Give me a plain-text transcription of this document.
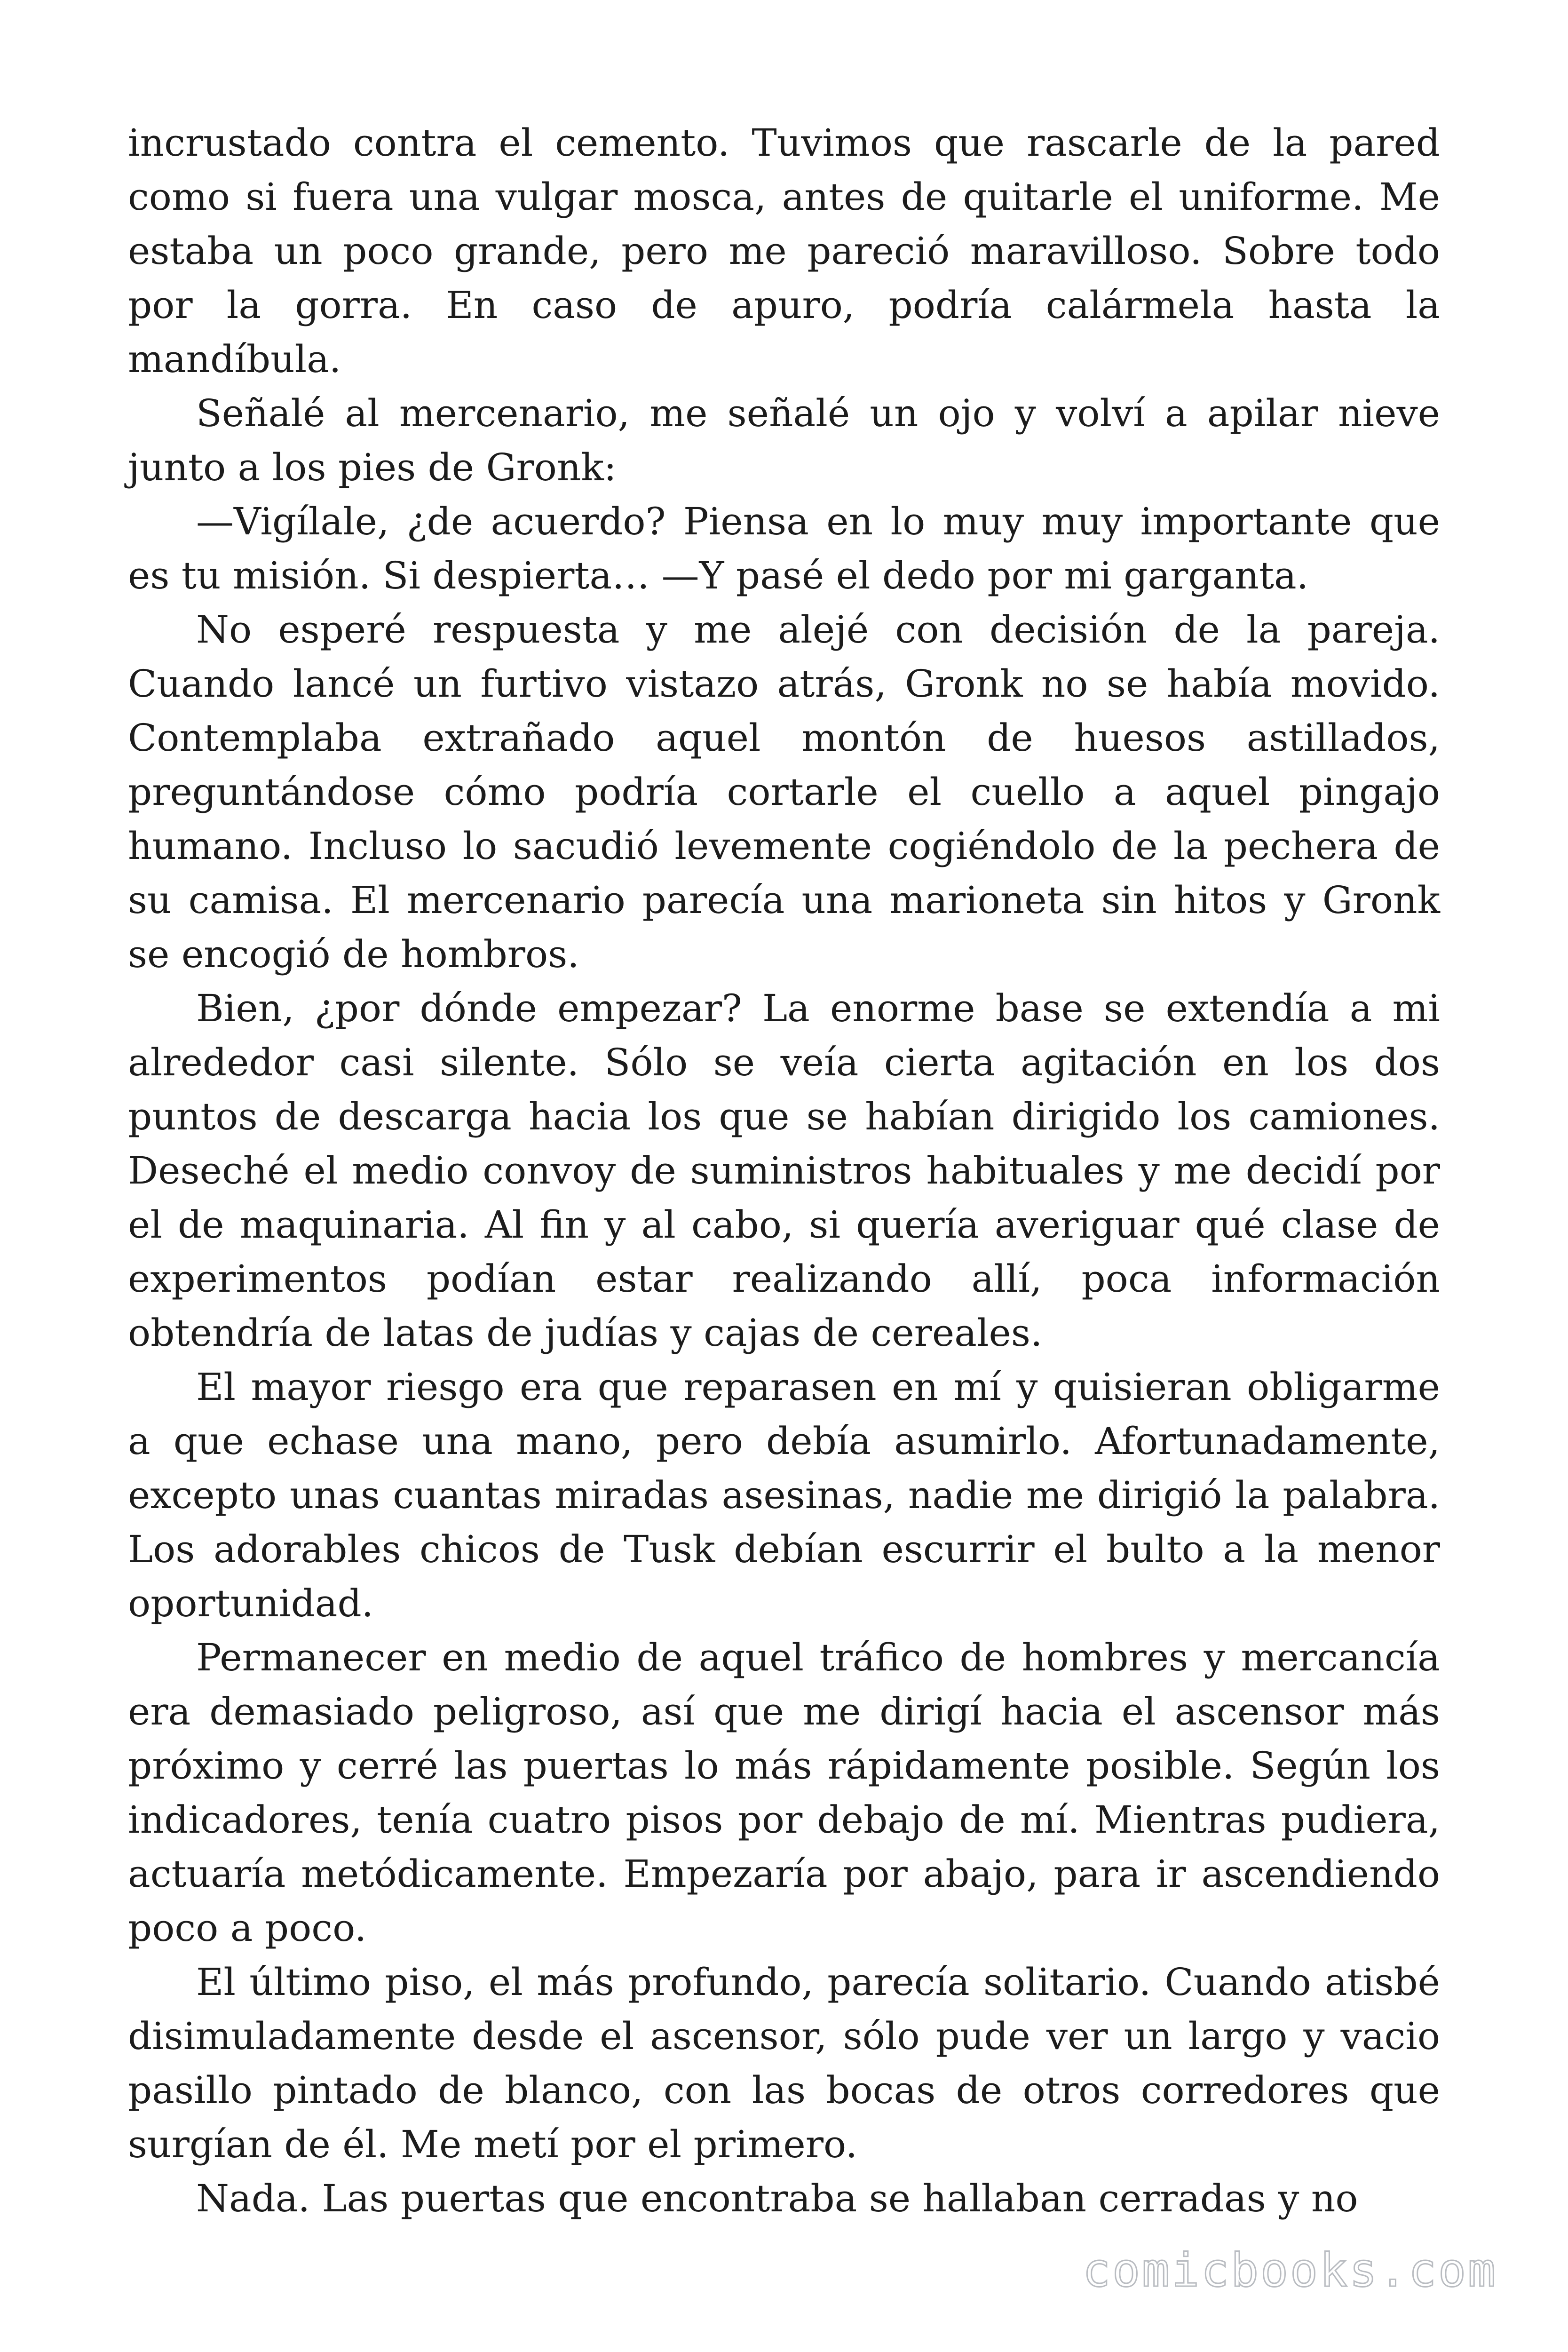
incrustado contra el cemento. Tuvimos que rascarle de la pared como si fuera una vulgar mosca, antes de quitarle el uniforme. Me estaba un poco grande, pero me pareció maravilloso. Sobre todo por la gorra. En caso de apuro, podría calármela hasta la mandíbula.

Señalé al mercenario, me señalé un ojo y volví a apilar nieve junto a los pies de Gronk:

—Vigílale, ¿de acuerdo? Piensa en lo muy muy importante que es tu misión. Si despierta… —Y pasé el dedo por mi garganta.

No esperé respuesta y me alejé con decisión de la pareja. Cuando lancé un furtivo vistazo atrás, Gronk no se había movido. Contemplaba extrañado aquel montón de huesos astillados, preguntándose cómo podría cortarle el cuello a aquel pingajo humano. Incluso lo sacudió levemente cogiéndolo de la pechera de su camisa. El mercenario parecía una marioneta sin hitos y Gronk se encogió de hombros.

Bien, ¿por dónde empezar? La enorme base se extendía a mi alrededor casi silente. Sólo se veía cierta agitación en los dos puntos de descarga hacia los que se habían dirigido los camiones. Deseché el medio convoy de suministros habituales y me decidí por el de maquinaria. Al fin y al cabo, si quería averiguar qué clase de experimentos podían estar realizando allí, poca información obtendría de latas de judías y cajas de cereales.

El mayor riesgo era que reparasen en mí y quisieran obligarme a que echase una mano, pero debía asumirlo. Afortunadamente, excepto unas cuantas miradas asesinas, nadie me dirigió la palabra. Los adorables chicos de Tusk debían escurrir el bulto a la menor oportunidad.

Permanecer en medio de aquel tráfico de hombres y mercancía era demasiado peligroso, así que me dirigí hacia el ascensor más próximo y cerré las puertas lo más rápidamente posible. Según los indicadores, tenía cuatro pisos por debajo de mí. Mientras pudiera, actuaría metódicamente. Empezaría por abajo, para ir ascendiendo poco a poco.

El último piso, el más profundo, parecía solitario. Cuando atisbé disimuladamente desde el ascensor, sólo pude ver un largo y vacio pasillo pintado de blanco, con las bocas de otros corredores que surgían de él. Me metí por el primero.

Nada. Las puertas que encontraba se hallaban cerradas y no

comicbooks.com
